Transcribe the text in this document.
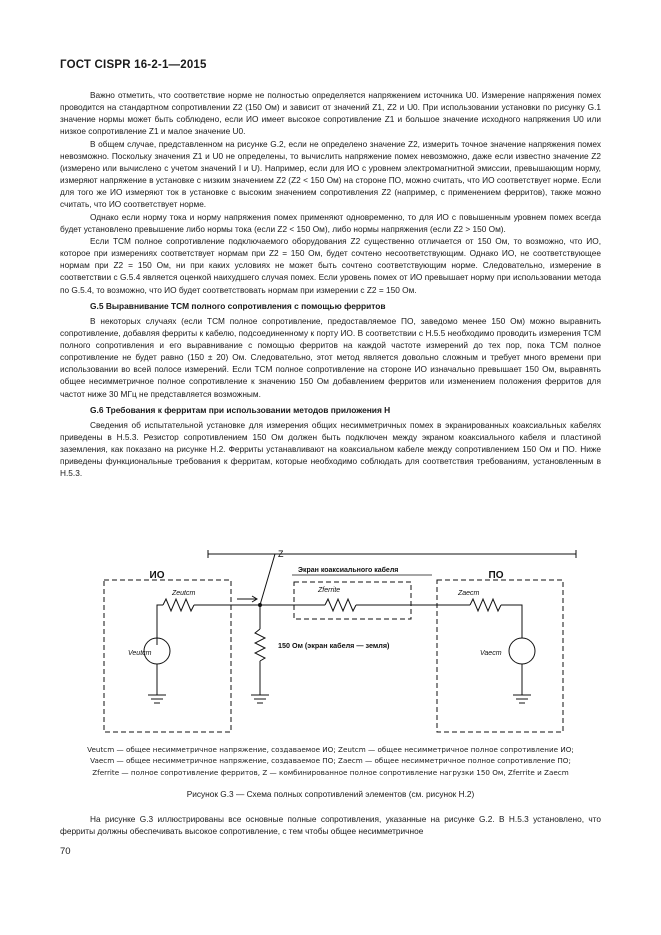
ГОСТ CISPR 16-2-1—2015

Важно отметить, что соответствие норме не полностью определяется напряжением источника U0. Измерение напряжения помех проводится на стандартном сопротивлении Z2 (150 Ом) и зависит от значений Z1, Z2 и U0. При использовании установки по рисунку G.1 значение нормы может быть соблюдено, если ИО имеет высокое сопротивление Z1 и большое значение исходного напряжения U0 или низкое сопротивление Z1 и малое значение U0.

В общем случае, представленном на рисунке G.2, если не определено значение Z2, измерить точное значение напряжения помех невозможно. Поскольку значения Z1 и U0 не определены, то вычислить напряжение помех невозможно, даже если известно значение Z2 (измерено или вычислено с учетом значений I и U). Например, если для ИО с уровнем электромагнитной эмиссии, превышающим норму, измеряют напряжение в установке с низким значением Z2 (Z2 < 150 Ом) на стороне ПО, можно считать, что ИО соответствует норме. Если для того же ИО измеряют ток в установке с высоким значением сопротивления Z2 (например, с применением ферритов), также можно считать, что ИО соответствует норме.

Однако если норму тока и норму напряжения помех применяют одновременно, то для ИО с повышенным уровнем помех всегда будет установлено превышение либо нормы тока (если Z2 < 150 Ом), либо нормы напряжения (если Z2 > 150 Ом).

Если ТСМ полное сопротивление подключаемого оборудования Z2 существенно отличается от 150 Ом, то возможно, что ИО, которое при измерениях соответствует нормам при Z2 = 150 Ом, будет сочтено несоответствующим. Однако ИО, не соответствующее нормам при Z2 = 150 Ом, ни при каких условиях не может быть сочтено соответствующим норме. Следовательно, измерение в соответствии с G.5.4 является оценкой наихудшего случая помех. Если уровень помех от ИО превышает норму при использовании метода по G.5.4, то возможно, что ИО будет соответствовать нормам при измерении с Z2 = 150 Ом.

G.5 Выравнивание ТСМ полного сопротивления с помощью ферритов

В некоторых случаях (если ТСМ полное сопротивление, предоставляемое ПО, заведомо менее 150 Ом) можно выравнить сопротивление, добавляя ферриты к кабелю, подсоединенному к порту ИО. В соответствии с Н.5.5 необходимо проводить измерения ТСМ полного сопротивления и его выравнивание с помощью ферритов на каждой частоте измерений до тех пор, пока ТСМ полное сопротивление не будет равно (150 ± 20) Ом. Следовательно, этот метод является довольно сложным и требует много времени при использовании во всей полосе измерений. Если ТСМ полное сопротивление на стороне ИО изначально превышает 150 Ом, выравнять общее несимметричное полное сопротивление к значению 150 Ом добавлением ферритов или изменением положения ферритов для частот ниже 30 МГц не представляется возможным.

G.6 Требования к ферритам при использовании методов приложения Н

Сведения об испытательной установке для измерения общих несимметричных помех в экранированных коаксиальных кабелях приведены в Н.5.3. Резистор сопротивлением 150 Ом должен быть подключен между экраном коаксиального кабеля и пластиной заземления, как показано на рисунке Н.2. Ферриты устанавливают на коаксиальном кабеле между сопротивлением 150 Ом и ПО. Ниже приведены функциональные требования к ферритам, которые необходимо соблюдать для соответствия требованиям, установленным в Н.5.3.

Z
ИО	ПО
Экран коаксиального кабеля
Zeutcm	Zferrite	Zaecm
Veutcm	Vaecm
150 Ом (экран кабеля — земля)
Veutcm — общее несимметричное напряжение, создаваемое ИО; Zeutcm — общее несимметричное полное сопротивление ИО;
Vaecm — общее несимметричное напряжение, создаваемое ПО; Zaecm — общее несимметричное полное сопротивление ПО;
Zferrite — полное сопротивление ферритов, Z — комбинированное полное сопротивление нагрузки 150 Ом, Zferrite и Zaecm
Рисунок G.3 — Схема полных сопротивлений элементов (см. рисунок Н.2)

На рисунке G.3 иллюстрированы все основные полные сопротивления, указанные на рисунке G.2. В Н.5.3 установлено, что ферриты должны обеспечивать высокое сопротивление, с тем чтобы общее несимметричное

70
